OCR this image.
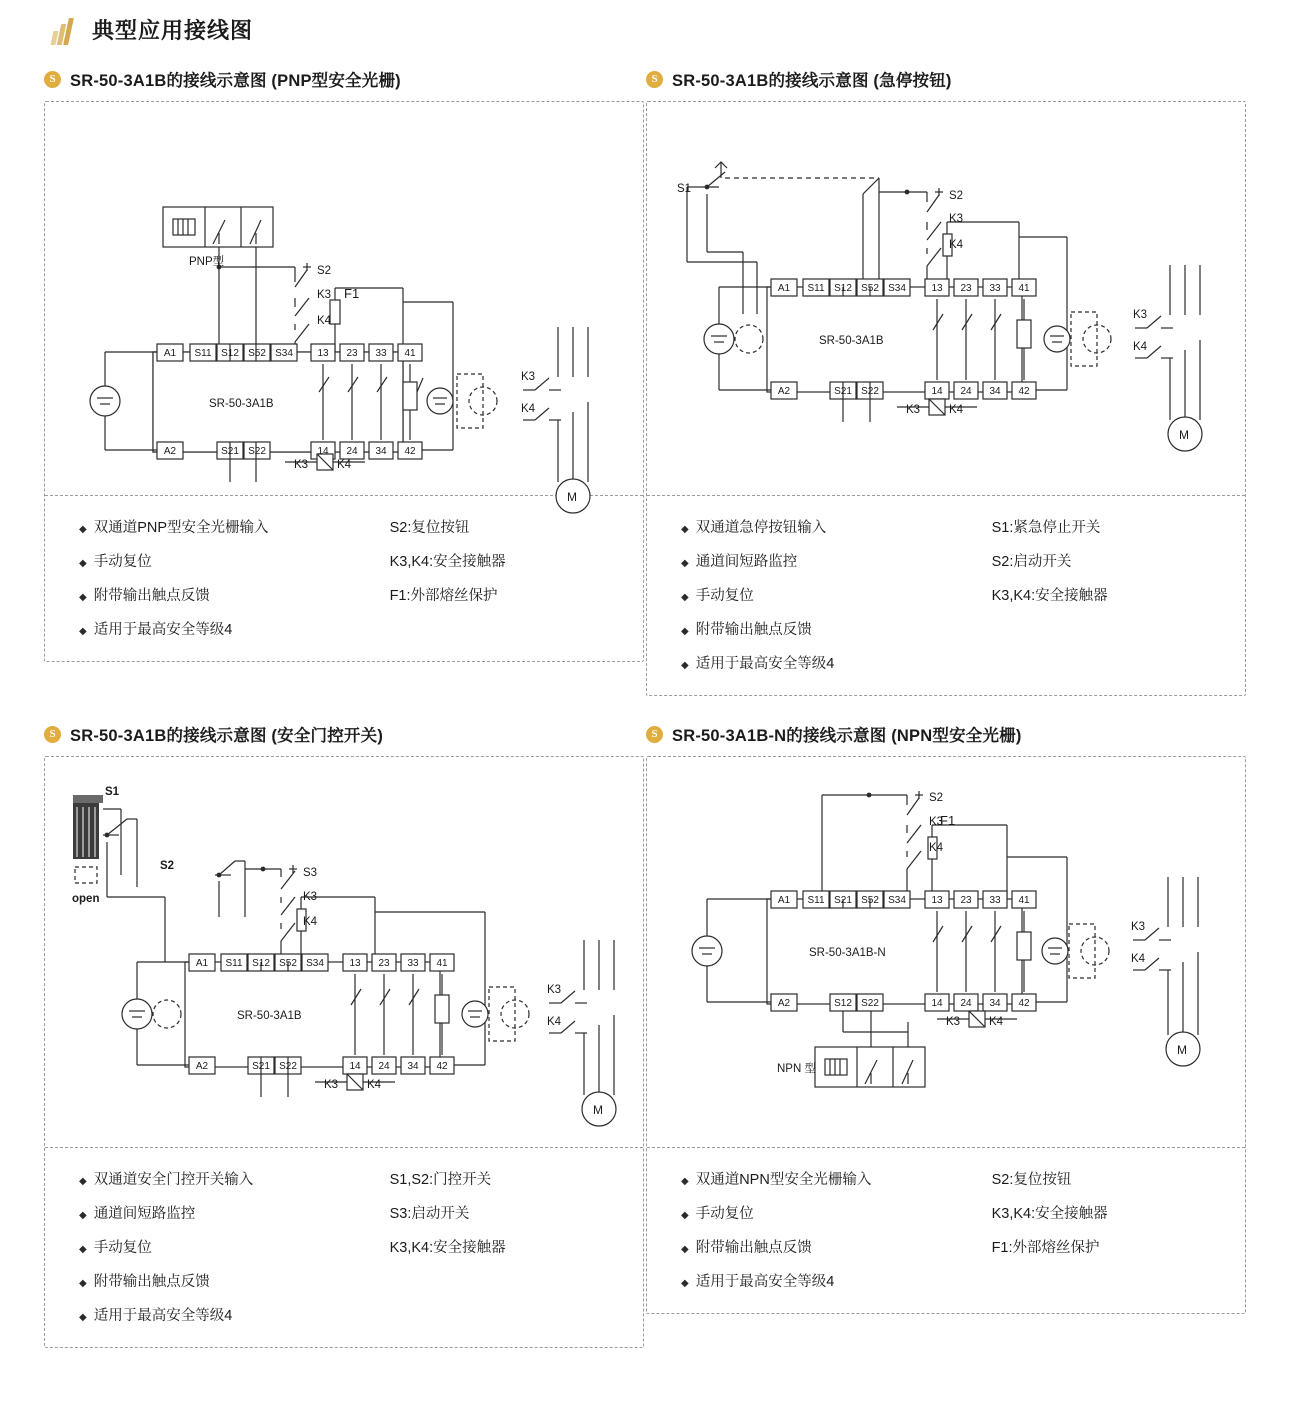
典型应用接线图
S SR-50-3A1B的接线示意图 (PNP型安全光栅)
PNP型
S2
K3
K4
F1
SR-50-3A1B
K3
K4
K3	K4
M
A1 S11 S12 S52 S34 13 23 33 41
A2	S21 S22	14 24 34 42
◆ 双通道PNP型安全光栅输入
◆ 手动复位
◆ 附带输出触点反馈
◆ 适用于最高安全等级4
S2:复位按钮
K3,K4:安全接触器
F1:外部熔丝保护
S SR-50-3A1B的接线示意图 (急停按钮)
S1
S2
K3
K4
SR-50-3A1B
K3
K4
K3	K4
M
A1 S11 S12 S52 S34	13 23 33 41
A2	S21 S22	14 24 34 42
◆ 双通道急停按钮输入
◆ 通道间短路监控
◆ 手动复位
◆ 附带输出触点反馈
◆ 适用于最高安全等级4
S1:紧急停止开关
S2:启动开关
K3,K4:安全接触器
S SR-50-3A1B的接线示意图 (安全门控开关)
S1
S2
S3
K3
K4
open
SR-50-3A1B
K3
K4
K3	K4
M
A1 S11 S12 S52 S34	13 23 33 41
A2	S21 S22	14 24 34 42
◆ 双通道安全门控开关输入
◆ 通道间短路监控
◆ 手动复位
◆ 附带输出触点反馈
◆ 适用于最高安全等级4
S1,S2:门控开关
S3:启动开关
K3,K4:安全接触器
S SR-50-3A1B-N的接线示意图 (NPN型安全光栅)
S2
K3
K4
F1
SR-50-3A1B-N
NPN 型
K3
K4
K3	K4
M
A1 S11 S21 S52 S34	13 23 33 41
A2	S12 S22	14 24 34 42
◆ 双通道NPN型安全光栅输入
◆ 手动复位
◆ 附带输出触点反馈
◆ 适用于最高安全等级4
S2:复位按钮
K3,K4:安全接触器
F1:外部熔丝保护
